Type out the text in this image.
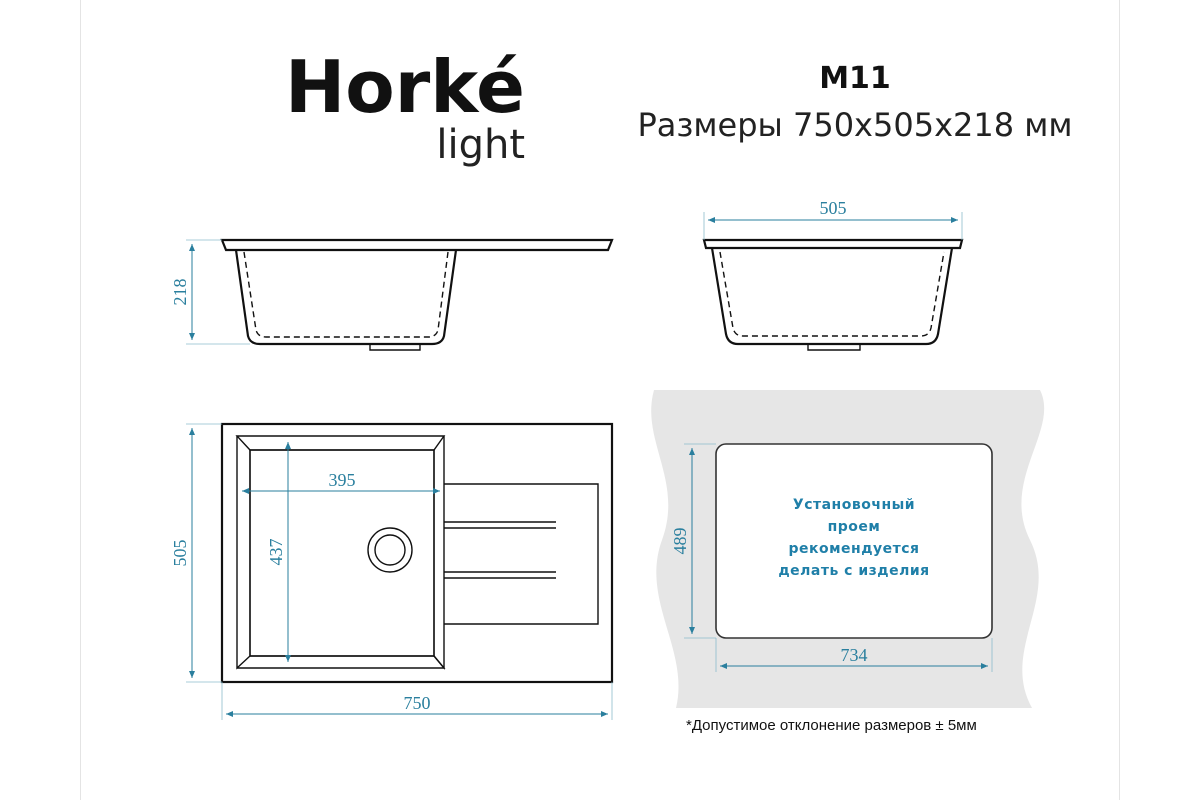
Horké
light
M11
Размеры 750x505x218 мм
218
505
395
437
505
750
Установочный
проем
рекомендуется
делать с изделия
489
734
*Допустимое отклонение размеров ± 5мм
